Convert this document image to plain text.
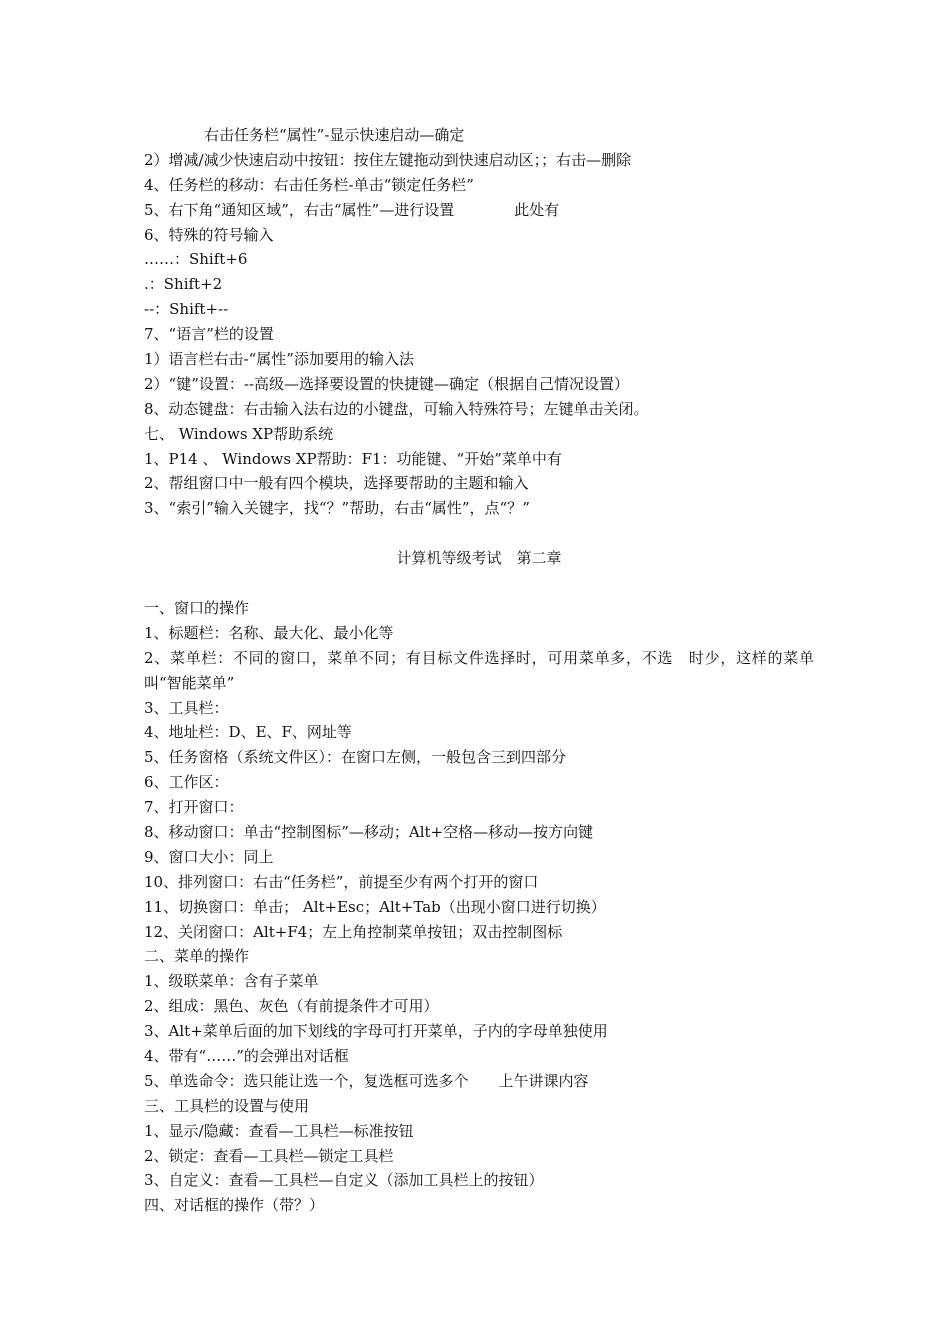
右击任务栏“属性”-显示快速启动—确定
2）增减/减少快速启动中按钮：按住左键拖动到快速启动区；；右击—删除
4、任务栏的移动：右击任务栏-单击“锁定任务栏”
5、右下角“通知区域”，右击“属性”—进行设置	此处有
6、特殊的符号输入
……：Shift+6
.：Shift+2
--：Shift+--
7、“语言”栏的设置
1）语言栏右击-“属性”添加要用的输入法
2）“键”设置：--高级—选择要设置的快捷键—确定（根据自己情况设置）
8、动态键盘：右击输入法右边的小键盘，可输入特殊符号；左键单击关闭。
七、 Windows XP帮助系统
1、P14 、 Windows XP帮助：F1：功能键、“开始”菜单中有
2、帮组窗口中一般有四个模块，选择要帮助的主题和输入
3、“索引”输入关键字，找“？”帮助，右击“属性”，点“？”
计算机等级考试　第二章
一、窗口的操作
1、标题栏：名称、最大化、最小化等
2、菜单栏：不同的窗口，菜单不同；有目标文件选择时，可用菜单多，不选　时少，这样的菜单叫“智能菜单”
3、工具栏：
4、地址栏：D、E、F、网址等
5、任务窗格（系统文件区）：在窗口左侧，一般包含三到四部分
6、工作区：
7、打开窗口：
8、移动窗口：单击“控制图标”—移动；Alt+空格—移动—按方向键
9、窗口大小：同上
10、排列窗口：右击“任务栏”，前提至少有两个打开的窗口
11、切换窗口：单击； Alt+Esc；Alt+Tab（出现小窗口进行切换）
12、关闭窗口：Alt+F4；左上角控制菜单按钮；双击控制图标
二、菜单的操作
1、级联菜单：含有子菜单
2、组成：黑色、灰色（有前提条件才可用）
3、Alt+菜单后面的加下划线的字母可打开菜单，子内的字母单独使用
4、带有“……”的会弹出对话框
5、单选命令：选只能让选一个，复选框可选多个 上午讲课内容
三、工具栏的设置与使用
1、显示/隐藏：查看—工具栏—标准按钮
2、锁定：查看—工具栏—锁定工具栏
3、自定义：查看—工具栏—自定义（添加工具栏上的按钮）
四、对话框的操作（带？）
